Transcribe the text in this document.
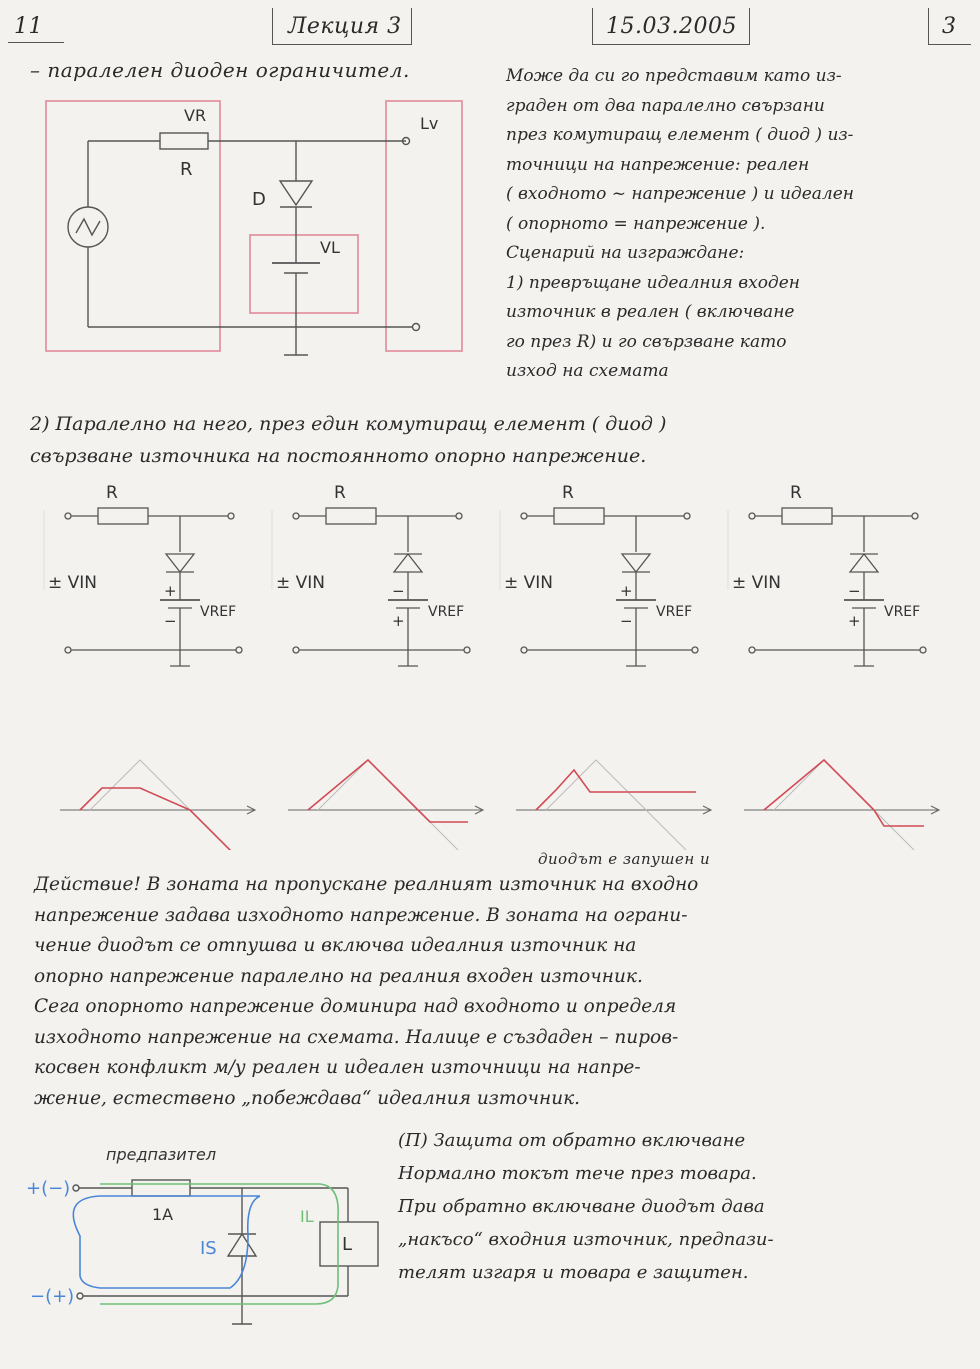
11	Лекция 3	15.03.2005	3
– паралелен диоден ограничител.	Може да си го представим като из-
граден от два паралелно свързани
през комутиращ елемент ( диод ) из-
точници на напрежение: реален
( входното ~ напрежение ) и идеален
( опорното = напрежение ).
Сценарий на изграждане:
1) превръщане идеалния входен
източник в реален ( включване
го през R) и го свързване като
изход на схемата
2) Паралелно на него, през един комутиращ елемент ( диод )
свързване източника на постоянното опорно напрежение.
R
VR
D
VL
Lv
R
± VIN
VREF
+
−
R
± VIN
VREF
−
+
R
± VIN
VREF
+
−
R
± VIN
VREF
−
+
диодът е запушен и
Действие! В зоната на пропускане реалният източник на входно
напрежение задава изходното напрежение. В зоната на ограни-
чение диодът се отпушва и включва идеалния източник на
опорно напрежение паралелно на реалния входен източник.
Сега опорното напрежение доминира над входното и определя
изходното напрежение на схемата. Налице е създаден – пиров-
косвен конфликт м/у реален и идеален източници на напре-
жение, естествено „побеждава“ идеалния източник.
предпазител
1A
IS
IL
L
+(−)
−(+)
(П) Защита от обратно включване
Нормално токът тече през товара.
При обратно включване диодът дава
„накъсо“ входния източник, предпази-
телят изгаря и товара е защитен.
